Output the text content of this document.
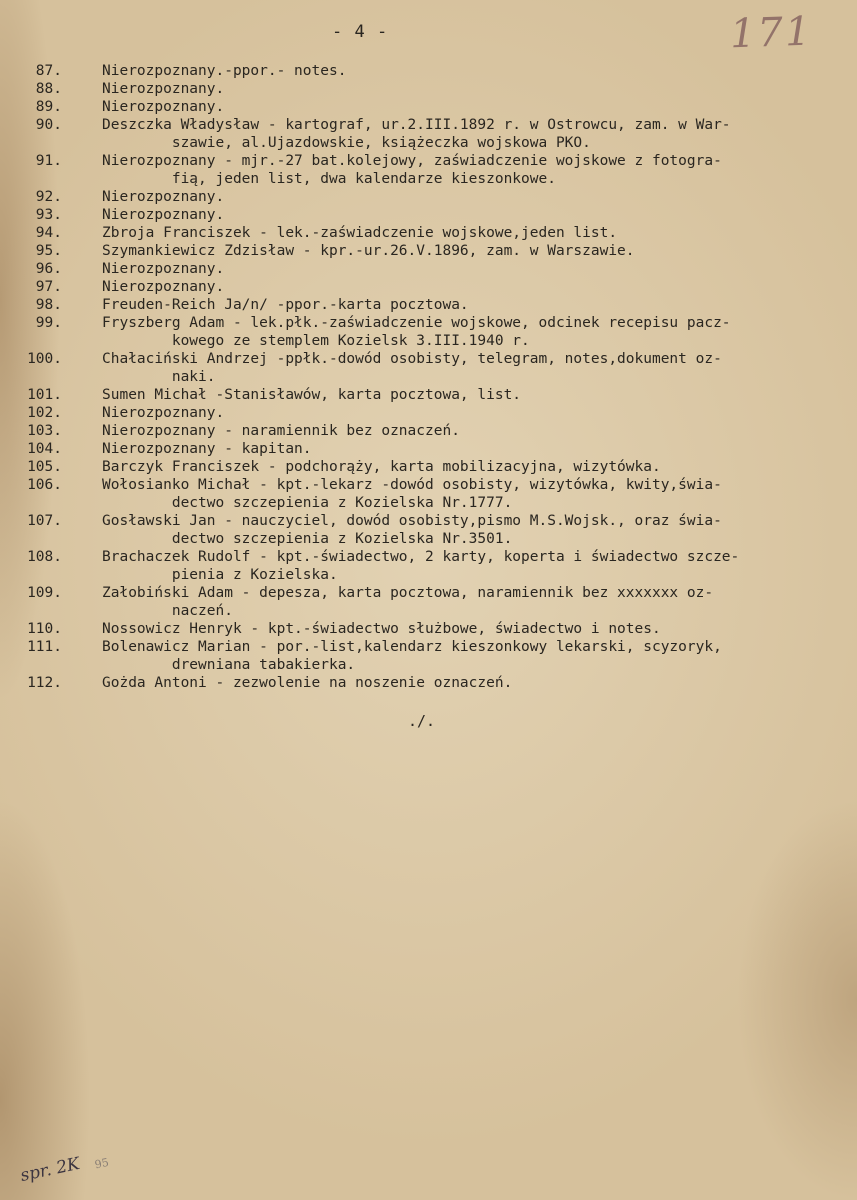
- 4 -	171
87.	Nierozpoznany.-ppor.- notes.
88.	Nierozpoznany.
89.	Nierozpoznany.
90.	Deszczka Władysław - kartograf, ur.2.III.1892 r. w Ostrowcu, zam. w War-
szawie, al.Ujazdowskie, książeczka wojskowa PKO.
91.	Nierozpoznany - mjr.-27 bat.kolejowy, zaświadczenie wojskowe z fotogra-
fią, jeden list, dwa kalendarze kieszonkowe.
92.	Nierozpoznany.
93.	Nierozpoznany.
94.	Zbroja Franciszek - lek.-zaświadczenie wojskowe,jeden list.
95.	Szymankiewicz Zdzisław - kpr.-ur.26.V.1896, zam. w Warszawie.
96.	Nierozpoznany.
97.	Nierozpoznany.
98.	Freuden-Reich Ja/n/ -ppor.-karta pocztowa.
99.	Fryszberg Adam - lek.płk.-zaświadczenie wojskowe, odcinek recepisu pacz-
kowego ze stemplem Kozielsk 3.III.1940 r.
100.	Chałaciński Andrzej -ppłk.-dowód osobisty, telegram, notes,dokument oz-
naki.
101.	Sumen Michał -Stanisławów, karta pocztowa, list.
102.	Nierozpoznany.
103.	Nierozpoznany - naramiennik bez oznaczeń.
104.	Nierozpoznany - kapitan.
105.	Barczyk Franciszek - podchorąży, karta mobilizacyjna, wizytówka.
106.	Wołosianko Michał - kpt.-lekarz -dowód osobisty, wizytówka, kwity,świa-
dectwo szczepienia z Kozielska Nr.1777.
107.	Gosławski Jan - nauczyciel, dowód osobisty,pismo M.S.Wojsk., oraz świa-
dectwo szczepienia z Kozielska Nr.3501.
108.	Brachaczek Rudolf - kpt.-świadectwo, 2 karty, koperta i świadectwo szcze-
pienia z Kozielska.
109.	Załobiński Adam - depesza, karta pocztowa, naramiennik bez xxxxxxx oz-
naczeń.
110.	Nossowicz Henryk - kpt.-świadectwo służbowe, świadectwo i notes.
111.	Bolenawicz Marian - por.-list,kalendarz kieszonkowy lekarski, scyzoryk,
drewniana tabakierka.
112.	Gożda Antoni - zezwolenie na noszenie oznaczeń.
./.
spr. 2K 95
